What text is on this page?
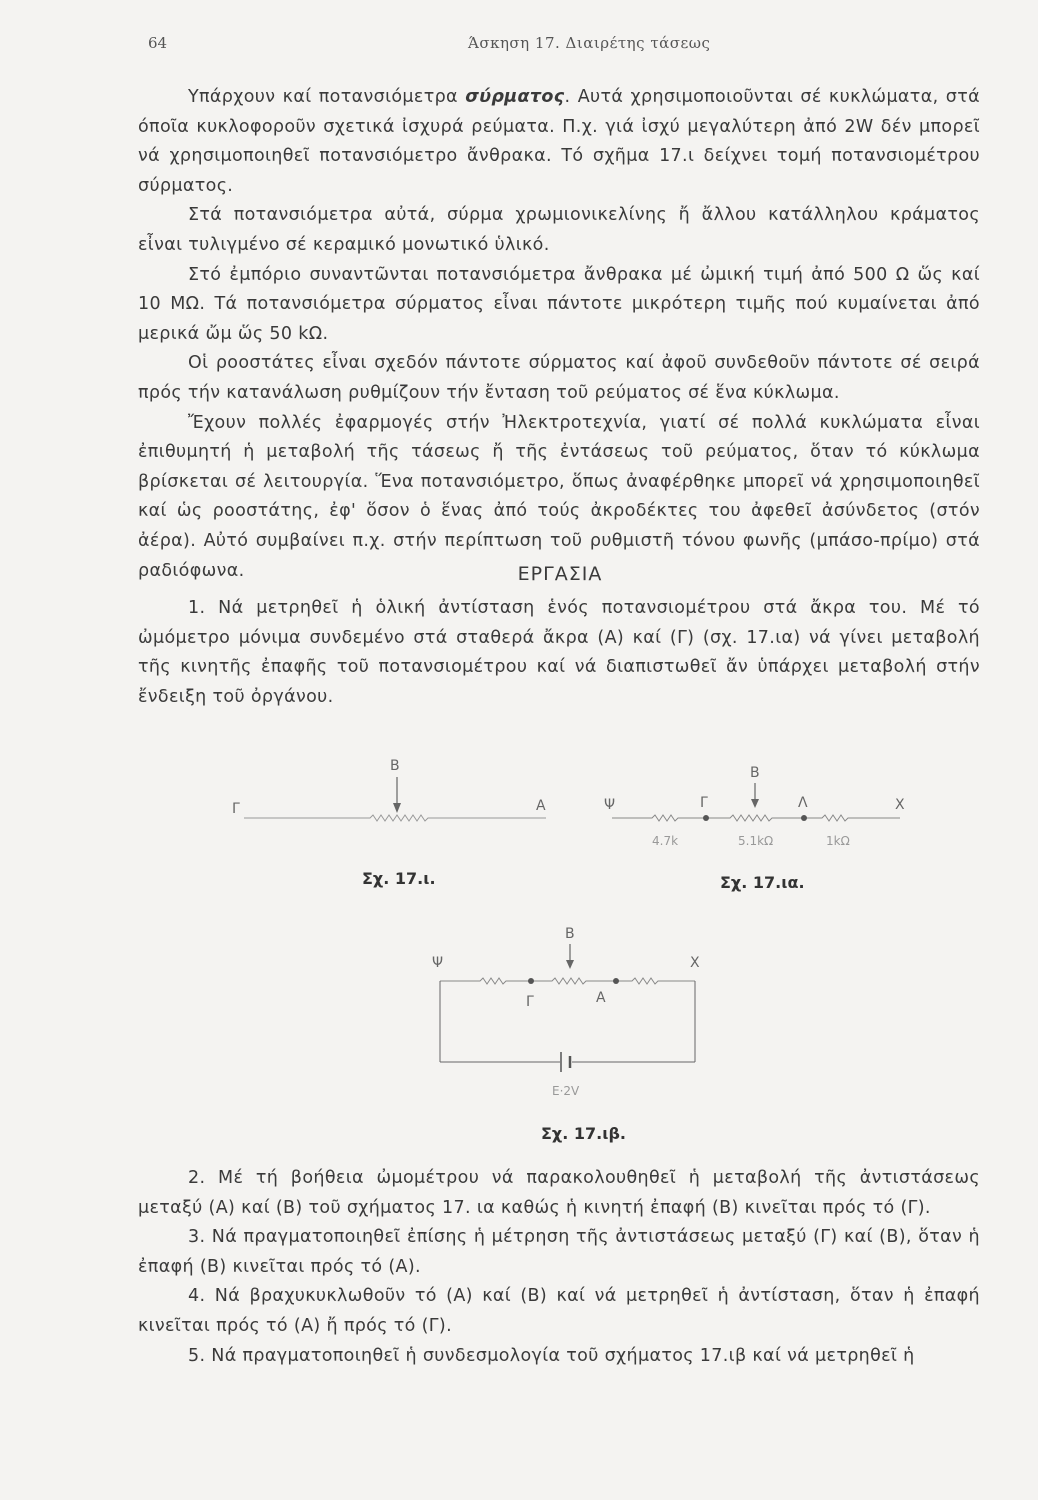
64	Άσκηση 17. Διαιρέτης τάσεως

Υπάρχουν καί ποτανσιόμετρα σύρματος. Αυτά χρησιμοποιοῦνται σέ κυκλώματα, στά όποῖα κυκλοφοροῦν σχετικά ἰσχυρά ρεύματα. Π.χ. γιά ἰσχύ μεγαλύτερη ἀπό 2W δέν μπορεῖ νά χρησιμοποιηθεῖ ποτανσιόμετρο ἄνθρακα. Τό σχῆμα 17.ι δείχνει τομή ποτανσιομέτρου σύρματος.

Στά ποτανσιόμετρα αὐτά, σύρμα χρωμιονικελίνης ἤ ἄλλου κατάλληλου κράματος εἶναι τυλιγμένο σέ κεραμικό μονωτικό ὑλικό.

Στό ἐμπόριο συναντῶνται ποτανσιόμετρα ἄνθρακα μέ ὠμική τιμή ἀπό 500 Ω ὥς καί 10 ΜΩ. Τά ποτανσιόμετρα σύρματος εἶναι πάντοτε μικρότερη τιμῆς πού κυμαίνεται ἀπό μερικά ὤμ ὥς 50 kΩ.

Οἱ ροοστάτες εἶναι σχεδόν πάντοτε σύρματος καί ἀφοῦ συνδεθοῦν πάντοτε σέ σειρά πρός τήν κατανάλωση ρυθμίζουν τήν ἔνταση τοῦ ρεύματος σέ ἕνα κύκλωμα.

Ἔχουν πολλές ἐφαρμογές στήν Ἠλεκτροτεχνία, γιατί σέ πολλά κυκλώματα εἶναι ἐπιθυμητή ἡ μεταβολή τῆς τάσεως ἤ τῆς ἐντάσεως τοῦ ρεύματος, ὅταν τό κύκλωμα βρίσκεται σέ λειτουργία. Ἕνα ποτανσιόμετρο, ὅπως ἀναφέρθηκε μπορεῖ νά χρησιμοποιηθεῖ καί ὡς ροοστάτης, ἐφ' ὅσον ὁ ἕνας ἀπό τούς ἀκροδέκτες του ἀφεθεῖ ἀσύνδετος (στόν ἀέρα). Αὐτό συμβαίνει π.χ. στήν περίπτωση τοῦ ρυθμιστῆ τόνου φωνῆς (μπάσο-πρίμο) στά ραδιόφωνα.	ΕΡΓΑΣΙΑ

1. Νά μετρηθεῖ ἡ ὁλική ἀντίσταση ἑνός ποτανσιομέτρου στά ἄκρα του. Μέ τό ὠμόμετρο μόνιμα συνδεμένο στά σταθερά ἄκρα (Α) καί (Γ) (σχ. 17.ια) νά γίνει μεταβολή τῆς κινητῆς ἐπαφῆς τοῦ ποτανσιομέτρου καί νά διαπιστωθεῖ ἄν ὑπάρχει μεταβολή στήν ἔνδειξη τοῦ ὀργάνου.

Β
Γ	Α
Σχ. 17.ι.
Β
Ψ	Γ	Λ	Χ
4.7k	5.1kΩ	1kΩ
Σχ. 17.ια.
Β
Ψ	Χ
Γ	Α
E·2V
Σχ. 17.ιβ.

2. Μέ τή βοήθεια ὠμομέτρου νά παρακολουθηθεῖ ἡ μεταβολή τῆς ἀντιστάσεως μεταξύ (Α) καί (Β) τοῦ σχήματος 17. ια καθώς ἡ κινητή ἐπαφή (Β) κινεῖται πρός τό (Γ).

3. Νά πραγματοποιηθεῖ ἐπίσης ἡ μέτρηση τῆς ἀντιστάσεως μεταξύ (Γ) καί (Β), ὅταν ἡ ἐπαφή (Β) κινεῖται πρός τό (Α).

4. Νά βραχυκυκλωθοῦν τό (Α) καί (Β) καί νά μετρηθεῖ ἡ ἀντίσταση, ὅταν ἡ ἐπαφή κινεῖται πρός τό (Α) ἤ πρός τό (Γ).

5. Νά πραγματοποιηθεῖ ἡ συνδεσμολογία τοῦ σχήματος 17.ιβ καί νά μετρηθεῖ ἡ
